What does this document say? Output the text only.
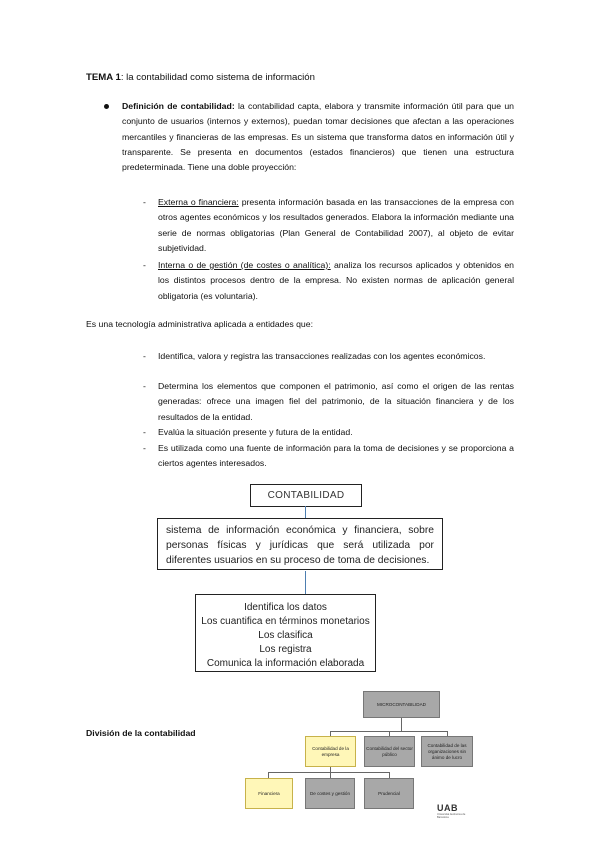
TEMA 1: la contabilidad como sistema de información
Definición de contabilidad: la contabilidad capta, elabora y transmite información útil para que un conjunto de usuarios (internos y externos), puedan tomar decisiones que afectan a las operaciones mercantiles y financieras de las empresas. Es un sistema que transforma datos en información útil y transparente. Se presenta en documentos (estados financieros) que tienen una estructura predeterminada. Tiene una doble proyección:
- Externa o financiera: presenta información basada en las transacciones de la empresa con otros agentes económicos y los resultados generados. Elabora la información mediante una serie de normas obligatorias (Plan General de Contabilidad 2007), al objeto de evitar subjetividad.
- Interna o de gestión (de costes o analítica): analiza los recursos aplicados y obtenidos en los distintos procesos dentro de la empresa. No existen normas de aplicación general obligatoria (es voluntaria).
Es una tecnología administrativa aplicada a entidades que:
- Identifica, valora y registra las transacciones realizadas con los agentes económicos.
- Determina los elementos que componen el patrimonio, así como el origen de las rentas generadas: ofrece una imagen fiel del patrimonio, de la situación financiera y de los resultados de la entidad.
- Evalúa la situación presente y futura de la entidad.
- Es utilizada como una fuente de información para la toma de decisiones y se proporciona a ciertos agentes interesados.
CONTABILIDAD
sistema de información económica y financiera, sobre personas físicas y jurídicas que será utilizada por diferentes usuarios en su proceso de toma de decisiones.
Identifica los datos
Los cuantifica en términos monetarios
Los clasifica
Los registra
Comunica la información elaborada
División de la contabilidad
MICROCONTABILIDAD
Contabilidad de la empresa
Contabilidad del sector público
Contabilidad de las organizaciones sin ánimo de lucro
Financiera	De costes y gestión	Prudencial
UAB
Universitat Autònoma de Barcelona
